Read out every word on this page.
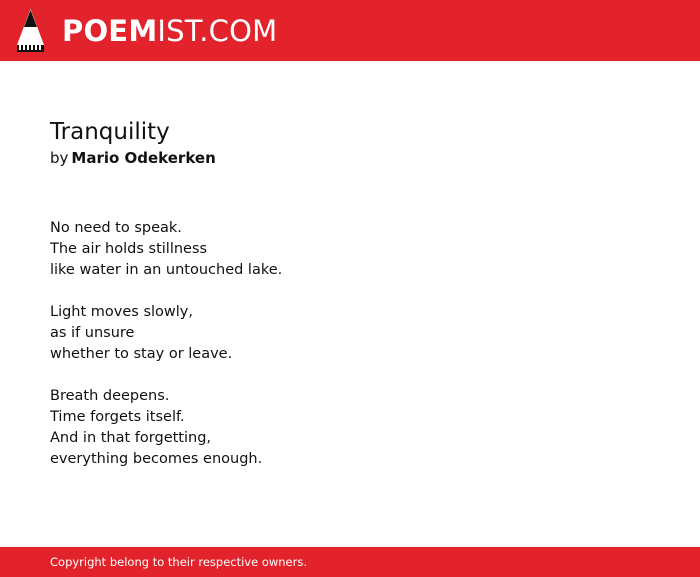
POEMIST.COM
Tranquility
by Mario Odekerken
No need to speak.
The air holds stillness
like water in an untouched lake.
Light moves slowly,
as if unsure
whether to stay or leave.
Breath deepens.
Time forgets itself.
And in that forgetting,
everything becomes enough.
Copyright belong to their respective owners.
